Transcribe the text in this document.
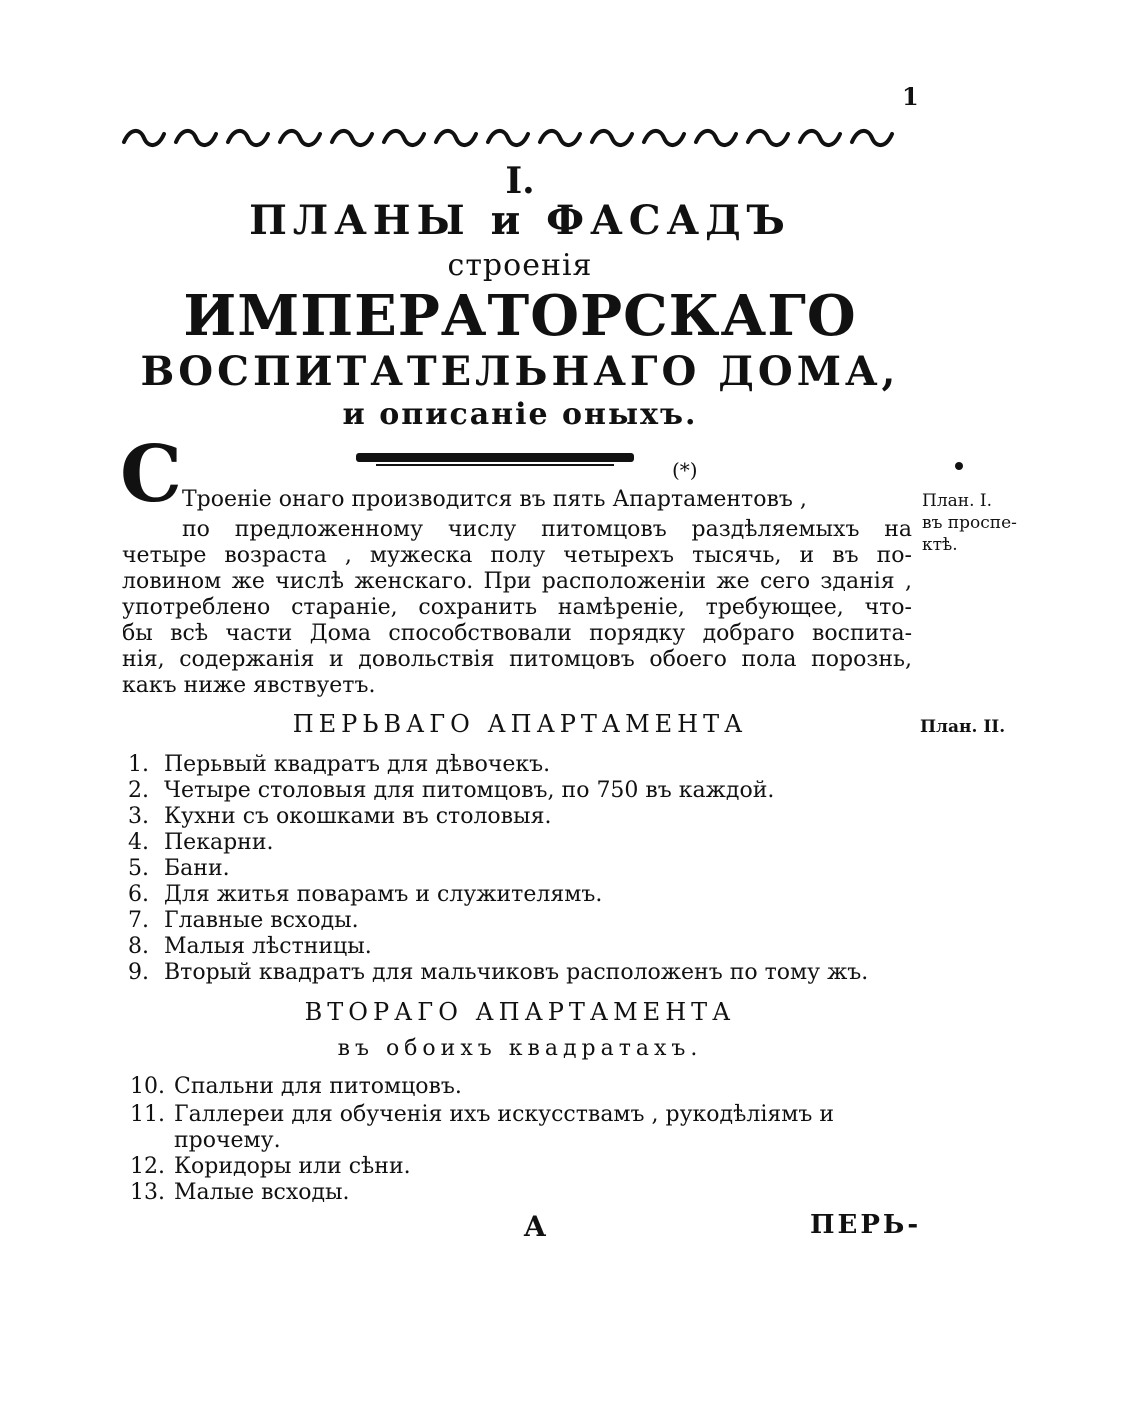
1
I.
ПЛАНЫ и ФАСАДЪ
строенія
ИМПЕРАТОРСКАГО
ВОСПИТАТЕЛЬНАГО ДОМА,
и описаніе оныхъ.
(*)
С Троеніе онаго производится въ пять Апартаментовъ ,
по предложенному числу питомцовъ раздѣляемыхъ на
четыре возраста , мужеска полу четырехъ тысячь, и въ по-
ловином же числѣ женскаго. При расположеніи же сего зданія ,
употреблено стараніе, сохранить намѣреніе, требующее, что-
бы всѣ части Дома способствовали порядку добраго воспита-
нія, содержанія и довольствія питомцовъ обоего пола порознь,
какъ ниже явствуетъ.
План. I.
въ проспе-
ктѣ.
ПЕРЬВАГО АПАРТАМЕНТА	План. II.
1. Перьвый квадратъ для дѣвочекъ.
2. Четыре столовыя для питомцовъ, по 750 въ каждой.
3. Кухни съ окошками въ столовыя.
4. Пекарни.
5. Бани.
6. Для житья поварамъ и служителямъ.
7. Главные всходы.
8. Малыя лѣстницы.
9. Вторый квадратъ для мальчиковъ расположенъ по тому жъ.
ВТОРАГО АПАРТАМЕНТА
въ обоихъ квадратахъ.
10. Спальни для питомцовъ.
11. Галлереи для обученія ихъ искусствамъ , рукодѣліямъ и
прочему.
12. Коридоры или сѣни.
13. Малые всходы.
A	ПЕРЬ-
